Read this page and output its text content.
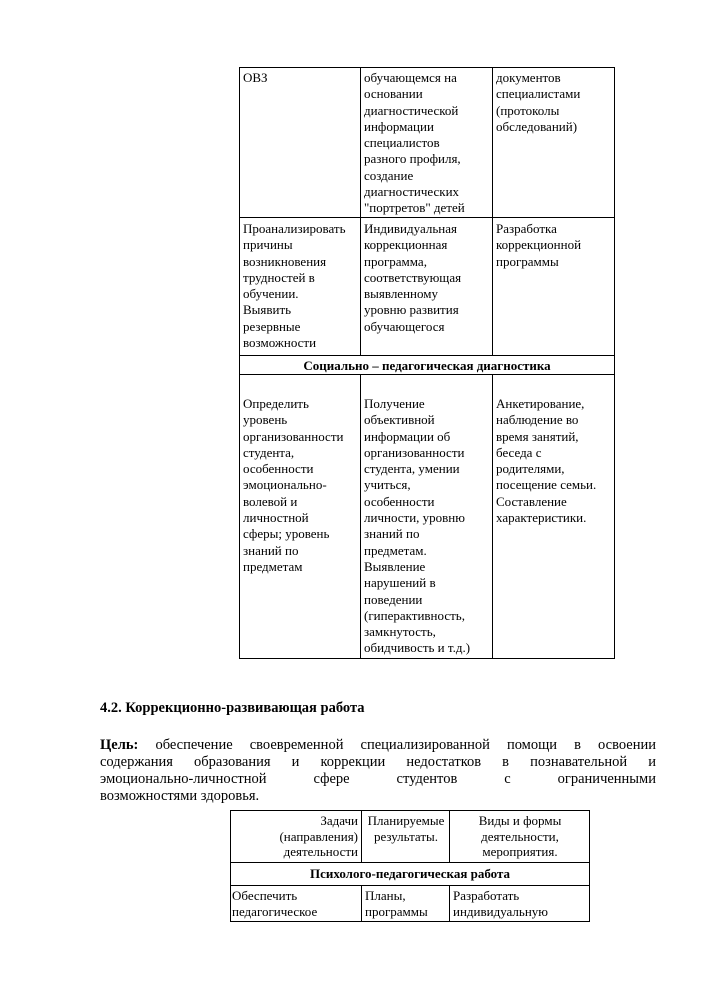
ОВЗ	обучающемся на
основании
диагностической
информации
специалистов
разного профиля,
создание
диагностических
"портретов" детей
документов
специалистами
(протоколы
обследований)
Проанализировать
причины
возникновения
трудностей в
обучении.
Выявить
резервные
возможности
Индивидуальная
коррекционная
программа,
соответствующая
выявленному
уровню развития
обучающегося
Разработка
коррекционной
программы
Социально – педагогическая диагностика
Определить
уровень
организованности
студента,
особенности
эмоционально-
волевой и
личностной
сферы; уровень
знаний по
предметам
Получение
объективной
информации об
организованности
студента, умении
учиться,
особенности
личности, уровню
знаний по
предметам.
Выявление
нарушений в
поведении
(гиперактивность,
замкнутость,
обидчивость и т.д.)
Анкетирование,
наблюдение во
время занятий,
беседа с
родителями,
посещение семьи.
Составление
характеристики.
4.2. Коррекционно-развивающая работа
Цель: обеспечение своевременной специализированной помощи в освоении
содержания образования и коррекции недостатков в познавательной и
эмоционально-личностной сфере студентов с ограниченными
возможностями здоровья.
Задачи
(направления)
деятельности
Планируемые
результаты.
Виды и формы
деятельности,
мероприятия.
Психолого-педагогическая работа
Обеспечить
педагогическое
Планы,
программы
Разработать
индивидуальную
